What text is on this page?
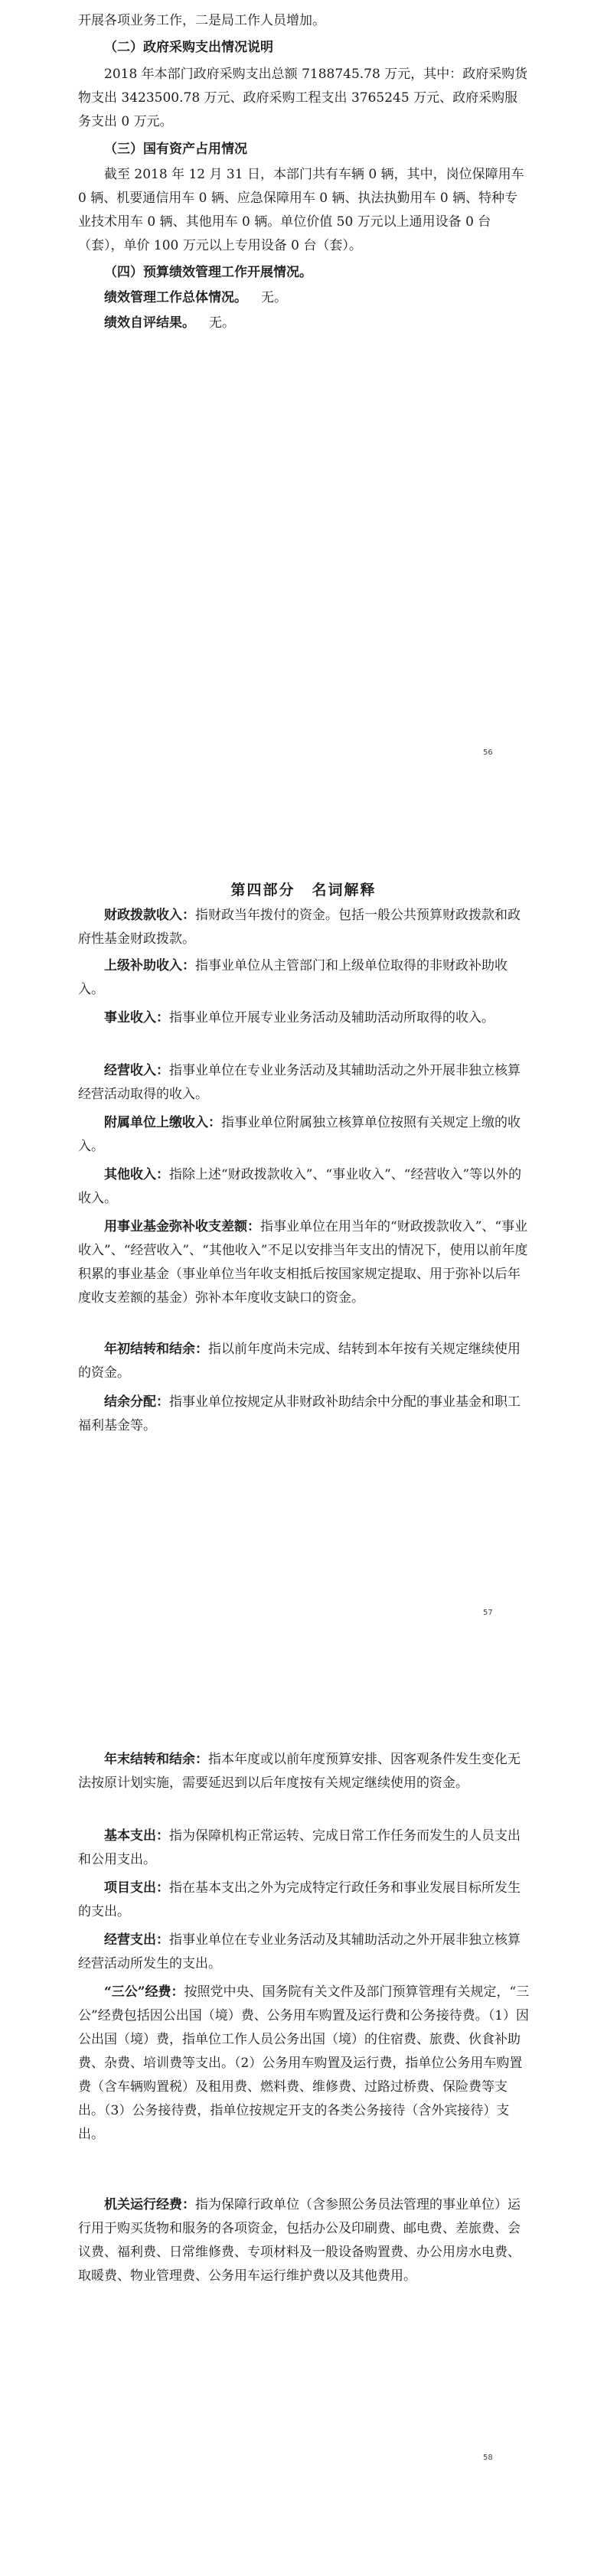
开展各项业务工作，二是局工作人员增加。

（二）政府采购支出情况说明

2018 年本部门政府采购支出总额 7188745.78 万元，其中：政府采购货物支出 3423500.78 万元、政府采购工程支出 3765245 万元、政府采购服务支出 0 万元。

（三）国有资产占用情况

截至 2018 年 12 月 31 日，本部门共有车辆 0 辆，其中，岗位保障用车 0 辆、机要通信用车 0 辆、应急保障用车 0 辆、执法执勤用车 0 辆、特种专业技术用车 0 辆、其他用车 0 辆。单位价值 50 万元以上通用设备 0 台（套），单价 100 万元以上专用设备 0 台（套）。

（四）预算绩效管理工作开展情况。

绩效管理工作总体情况。 无。

绩效自评结果。 无。

56
第四部分 名词解释

财政拨款收入：指财政当年拨付的资金。包括一般公共预算财政拨款和政府性基金财政拨款。

上级补助收入：指事业单位从主管部门和上级单位取得的非财政补助收入。

事业收入：指事业单位开展专业业务活动及辅助活动所取得的收入。

经营收入：指事业单位在专业业务活动及其辅助活动之外开展非独立核算经营活动取得的收入。

附属单位上缴收入：指事业单位附属独立核算单位按照有关规定上缴的收入。

其他收入：指除上述“财政拨款收入”、“事业收入”、“经营收入”等以外的收入。

用事业基金弥补收支差额：指事业单位在用当年的“财政拨款收入”、“事业收入”、“经营收入”、“其他收入”不足以安排当年支出的情况下，使用以前年度积累的事业基金（事业单位当年收支相抵后按国家规定提取、用于弥补以后年度收支差额的基金）弥补本年度收支缺口的资金。

年初结转和结余：指以前年度尚未完成、结转到本年按有关规定继续使用的资金。

结余分配：指事业单位按规定从非财政补助结余中分配的事业基金和职工福利基金等。

57

年末结转和结余：指本年度或以前年度预算安排、因客观条件发生变化无法按原计划实施，需要延迟到以后年度按有关规定继续使用的资金。

基本支出：指为保障机构正常运转、完成日常工作任务而发生的人员支出和公用支出。

项目支出：指在基本支出之外为完成特定行政任务和事业发展目标所发生的支出。

经营支出：指事业单位在专业业务活动及其辅助活动之外开展非独立核算经营活动所发生的支出。

“三公”经费：按照党中央、国务院有关文件及部门预算管理有关规定，“三公”经费包括因公出国（境）费、公务用车购置及运行费和公务接待费。（1）因公出国（境）费，指单位工作人员公务出国（境）的住宿费、旅费、伙食补助费、杂费、培训费等支出。（2）公务用车购置及运行费，指单位公务用车购置费（含车辆购置税）及租用费、燃料费、维修费、过路过桥费、保险费等支出。（3）公务接待费，指单位按规定开支的各类公务接待（含外宾接待）支出。

机关运行经费：指为保障行政单位（含参照公务员法管理的事业单位）运行用于购买货物和服务的各项资金，包括办公及印刷费、邮电费、差旅费、会议费、福利费、日常维修费、专项材料及一般设备购置费、办公用房水电费、取暖费、物业管理费、公务用车运行维护费以及其他费用。

58
